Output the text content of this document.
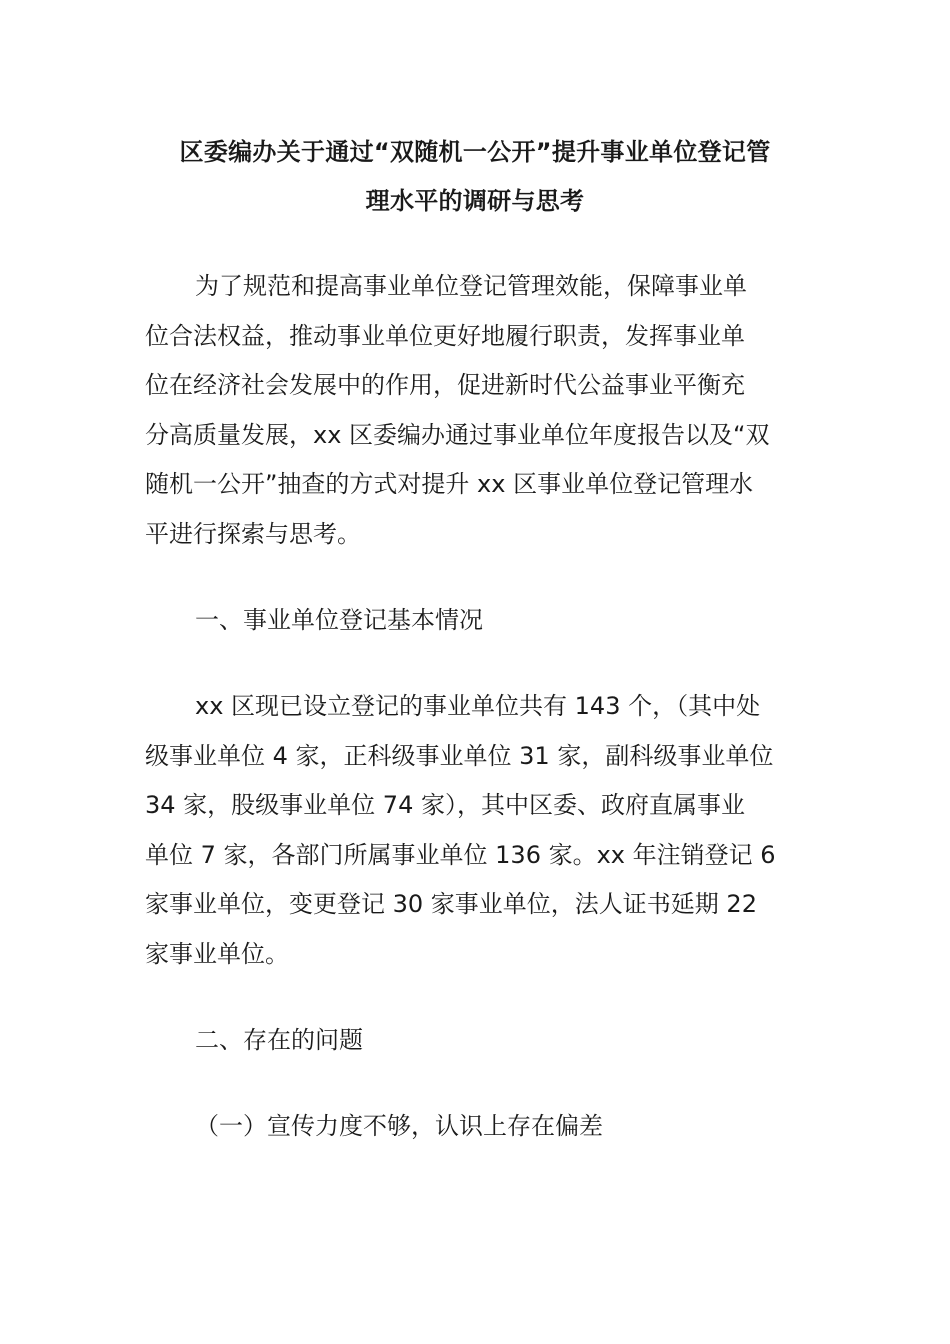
区委编办关于通过“双随机一公开”提升事业单位登记管
理水平的调研与思考
为了规范和提高事业单位登记管理效能，保障事业单
位合法权益，推动事业单位更好地履行职责，发挥事业单
位在经济社会发展中的作用，促进新时代公益事业平衡充
分高质量发展，xx 区委编办通过事业单位年度报告以及“双
随机一公开”抽查的方式对提升 xx 区事业单位登记管理水
平进行探索与思考。
一、事业单位登记基本情况
xx 区现已设立登记的事业单位共有 143 个，（其中处
级事业单位 4 家，正科级事业单位 31 家，副科级事业单位
34 家，股级事业单位 74 家），其中区委、政府直属事业
单位 7 家，各部门所属事业单位 136 家。xx 年注销登记 6
家事业单位，变更登记 30 家事业单位，法人证书延期 22
家事业单位。
二、存在的问题
（一）宣传力度不够，认识上存在偏差
